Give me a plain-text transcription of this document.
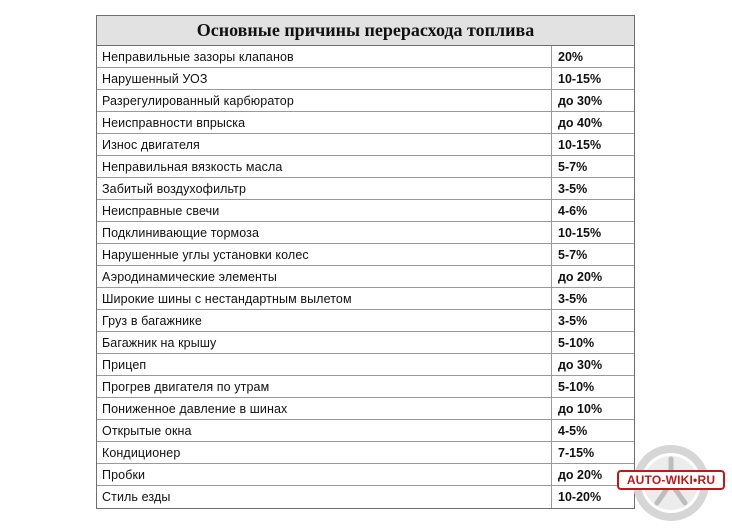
Основные причины перерасхода топлива
Неправильные зазоры клапанов	20%
Нарушенный УОЗ	10-15%
Разрегулированный карбюратор	до 30%
Неисправности впрыска	до 40%
Износ двигателя	10-15%
Неправильная вязкость масла	5-7%
Забитый воздухофильтр	3-5%
Неисправные свечи	4-6%
Подклинивающие тормоза	10-15%
Нарушенные углы установки колес	5-7%
Аэродинамические элементы	до 20%
Широкие шины с нестандартным вылетом	3-5%
Груз в багажнике	3-5%
Багажник на крышу	5-10%
Прицеп	до 30%
Прогрев двигателя по утрам	5-10%
Пониженное давление в шинах	до 10%
Открытые окна	4-5%
Кондиционер	7-15%
Пробки	до 20%
Стиль езды	10-20%
AUTO-WIKI•RU
